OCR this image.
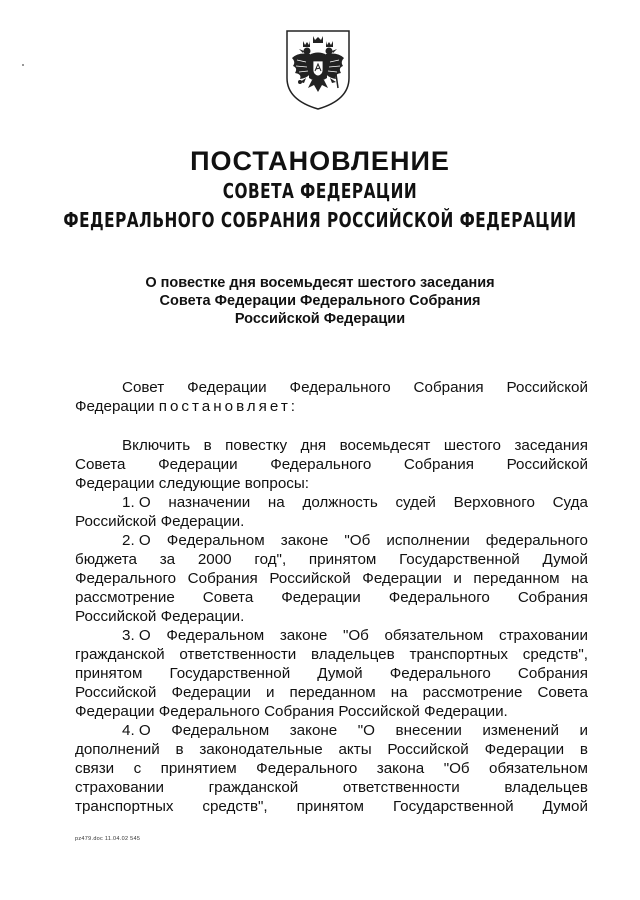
ПОСТАНОВЛЕНИЕ
СОВЕТА ФЕДЕРАЦИИ
ФЕДЕРАЛЬНОГО СОБРАНИЯ РОССИЙСКОЙ ФЕДЕРАЦИИ
О повестке дня восемьдесят шестого заседания
Совета Федерации Федерального Собрания
Российской Федерации
Совет Федерации Федерального Собрания Российской
Федерации постановляет:
Включить в повестку дня восемьдесят шестого заседания
Совета Федерации Федерального Собрания Российской
Федерации следующие вопросы:
1. О назначении на должность судей Верховного Суда
Российской Федерации.
2. О Федеральном законе "Об исполнении федерального
бюджета за 2000 год", принятом Государственной Думой
Федерального Собрания Российской Федерации и переданном на
рассмотрение Совета Федерации Федерального Собрания
Российской Федерации.
3. О Федеральном законе "Об обязательном страховании
гражданской ответственности владельцев транспортных средств",
принятом Государственной Думой Федерального Собрания
Российской Федерации и переданном на рассмотрение Совета
Федерации Федерального Собрания Российской Федерации.
4. О Федеральном законе "О внесении изменений и
дополнений в законодательные акты Российской Федерации в
связи с принятием Федерального закона "Об обязательном
страховании	гражданской	ответственности	владельцев
транспортных средств", принятом Государственной Думой
pz479.doc 11.04.02 545
